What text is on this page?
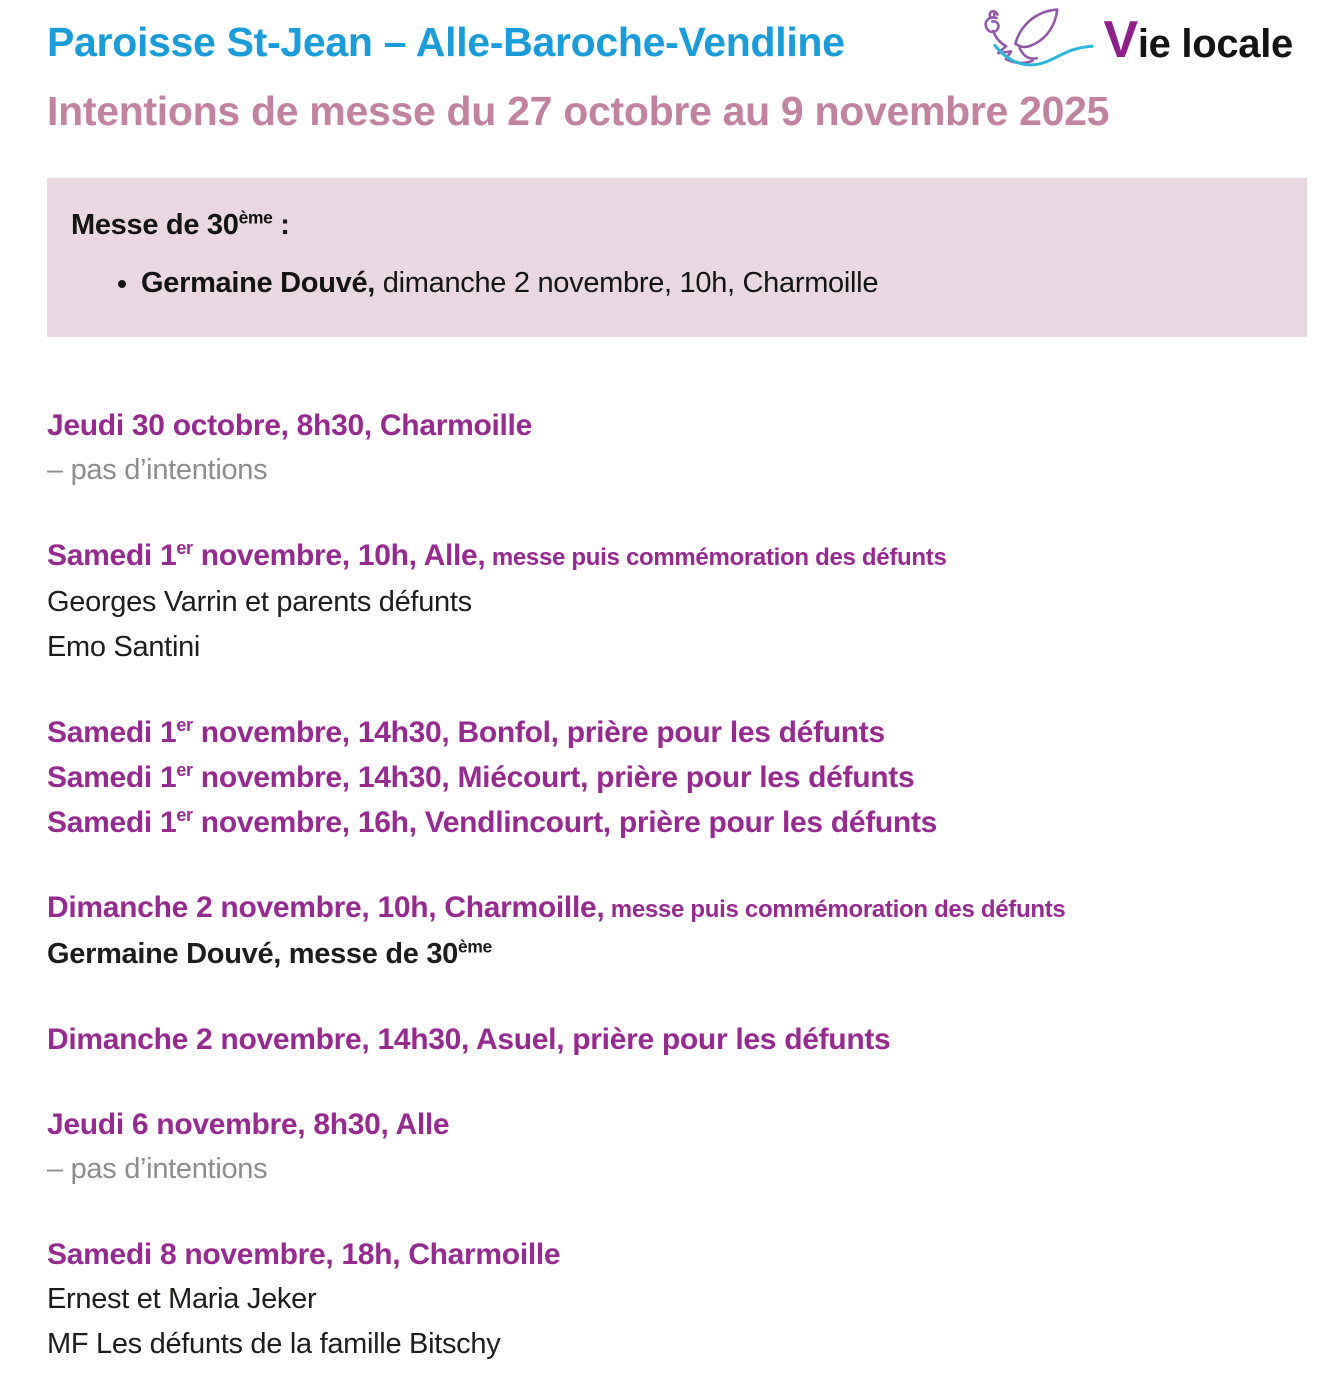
Paroisse St-Jean – Alle-Baroche-Vendline	Vie locale
Intentions de messe du 27 octobre au 9 novembre 2025
Messe de 30ème :
• Germaine Douvé, dimanche 2 novembre, 10h, Charmoille
Jeudi 30 octobre, 8h30, Charmoille
– pas d’intentions
Samedi 1er novembre, 10h, Alle, messe puis commémoration des défunts
Georges Varrin et parents défunts
Emo Santini
Samedi 1er novembre, 14h30, Bonfol, prière pour les défunts
Samedi 1er novembre, 14h30, Miécourt, prière pour les défunts
Samedi 1er novembre, 16h, Vendlincourt, prière pour les défunts
Dimanche 2 novembre, 10h, Charmoille, messe puis commémoration des défunts
Germaine Douvé, messe de 30ème
Dimanche 2 novembre, 14h30, Asuel, prière pour les défunts
Jeudi 6 novembre, 8h30, Alle
– pas d’intentions
Samedi 8 novembre, 18h, Charmoille
Ernest et Maria Jeker
MF Les défunts de la famille Bitschy
